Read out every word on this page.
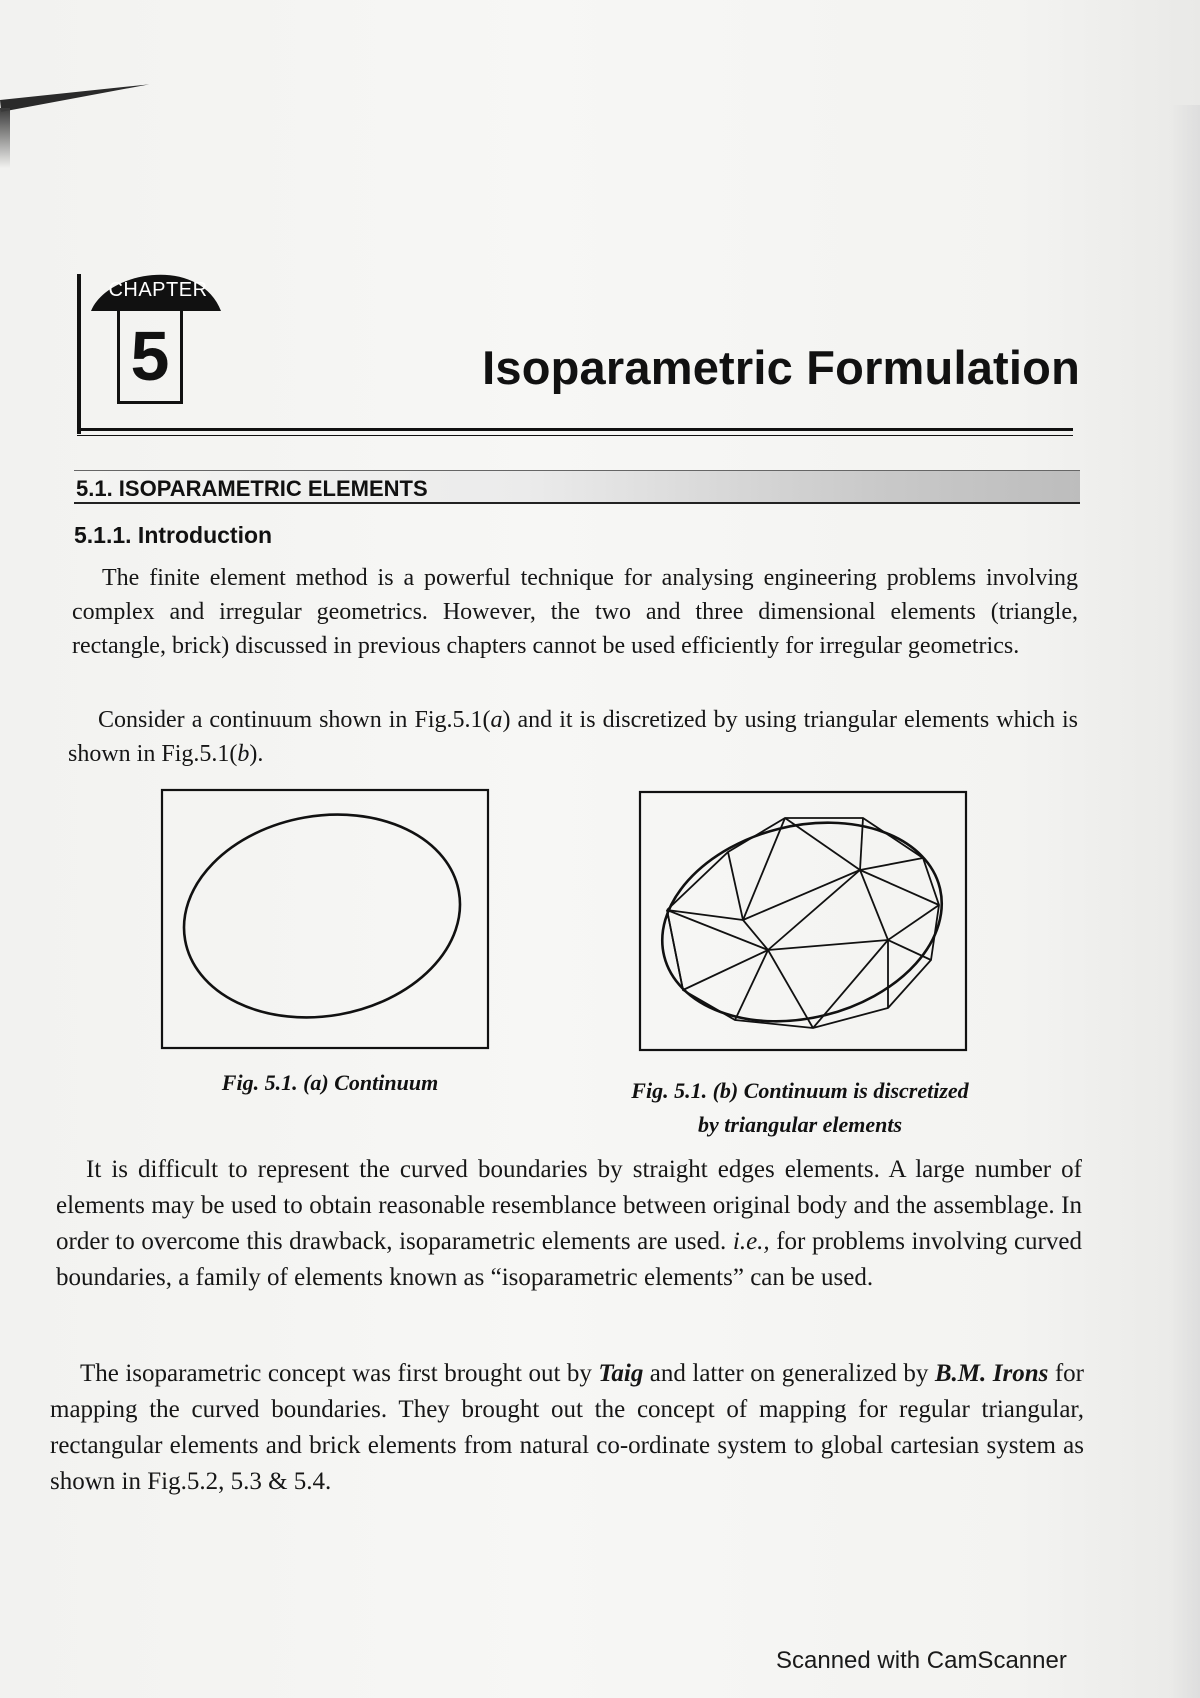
CHAPTER
5	Isoparametric Formulation
5.1. ISOPARAMETRIC ELEMENTS
5.1.1. Introduction
The finite element method is a powerful technique for analysing engineering problems involving complex and irregular geometrics. However, the two and three dimensional elements (triangle, rectangle, brick) discussed in previous chapters cannot be used efficiently for irregular geometrics.
Consider a continuum shown in Fig.5.1(a) and it is discretized by using triangular elements which is shown in Fig.5.1(b).
Fig. 5.1. (a) Continuum	Fig. 5.1. (b) Continuum is discretized
by triangular elements
It is difficult to represent the curved boundaries by straight edges elements. A large number of elements may be used to obtain reasonable resemblance between original body and the assemblage. In order to overcome this drawback, isoparametric elements are used. i.e., for problems involving curved boundaries, a family of elements known as “isoparametric elements” can be used.
The isoparametric concept was first brought out by Taig and latter on generalized by B.M. Irons for mapping the curved boundaries. They brought out the concept of mapping for regular triangular, rectangular elements and brick elements from natural co-ordinate system to global cartesian system as shown in Fig.5.2, 5.3 & 5.4.
Scanned with CamScanner
